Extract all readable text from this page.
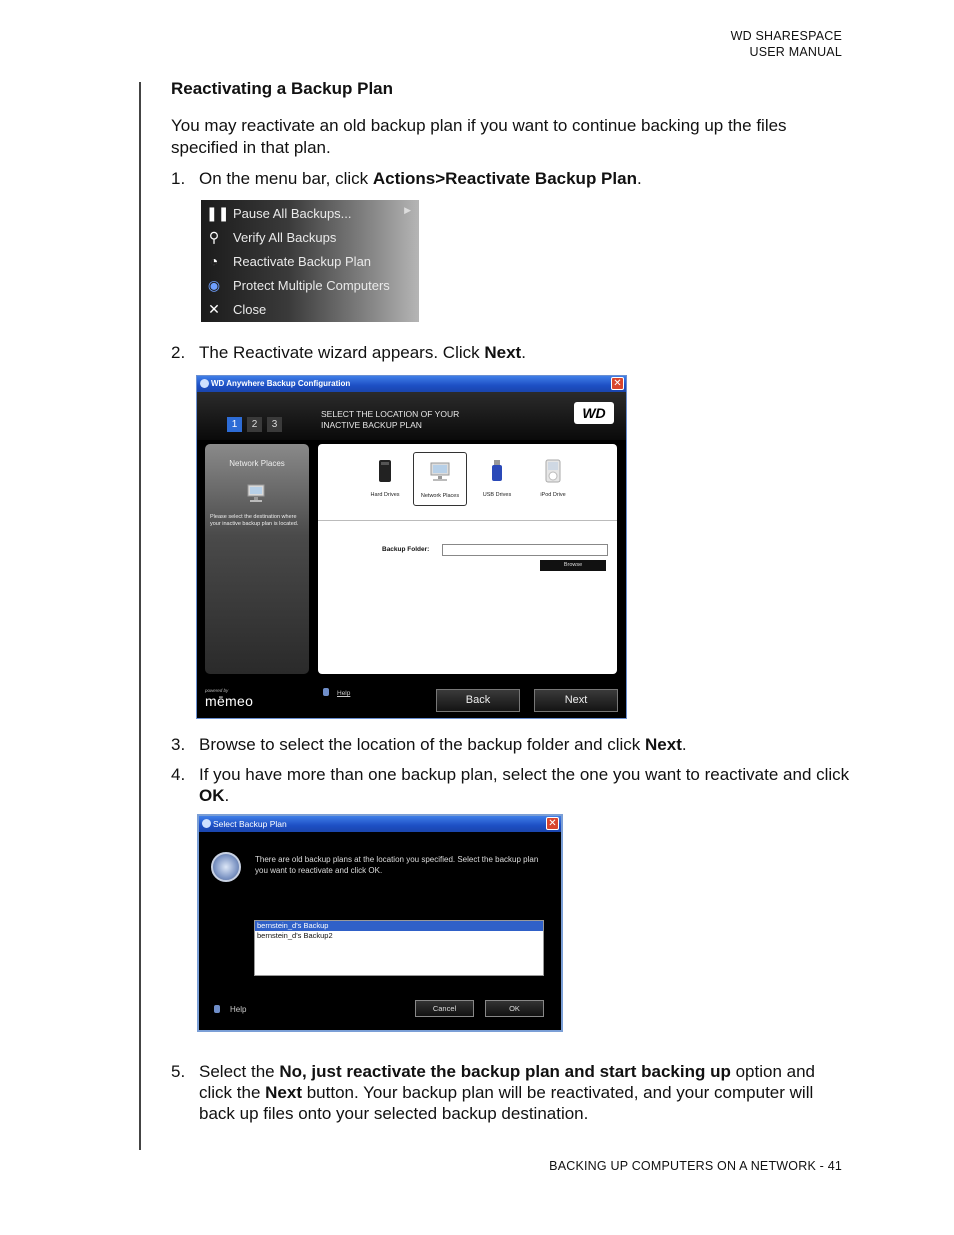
WD SHARESPACE
USER MANUAL
Reactivating a Backup Plan
You may reactivate an old backup plan if you want to continue backing up the files specified in that plan.
1. On the menu bar, click Actions>Reactivate Backup Plan.
❚❚ Pause All Backups...	▶
⚲ Verify All Backups
◔ Reactivate Backup Plan
◉ Protect Multiple Computers
✕ Close
2. The Reactivate wizard appears. Click Next.
WD Anywhere Backup Configuration	✕
1 2 3
SELECT THE LOCATION OF YOUR
INACTIVE BACKUP PLAN
WD
Network Places
Please select the destination where your inactive backup plan is located.
Hard Drives	Network Places	USB Drives	iPod Drive
Backup Folder:
Browse
powered by
mēmeo	Help
Back	Next
3. Browse to select the location of the backup folder and click Next.
4. If you have more than one backup plan, select the one you want to reactivate and click OK.
Select Backup Plan	✕
There are old backup plans at the location you specified. Select the backup plan you want to reactivate and click OK.
bernstein_d's Backup
bernstein_d's Backup2
Help	Cancel	OK
5. Select the No, just reactivate the backup plan and start backing up option and click the Next button. Your backup plan will be reactivated, and your computer will back up files onto your selected backup destination.
BACKING UP COMPUTERS ON A NETWORK - 41
